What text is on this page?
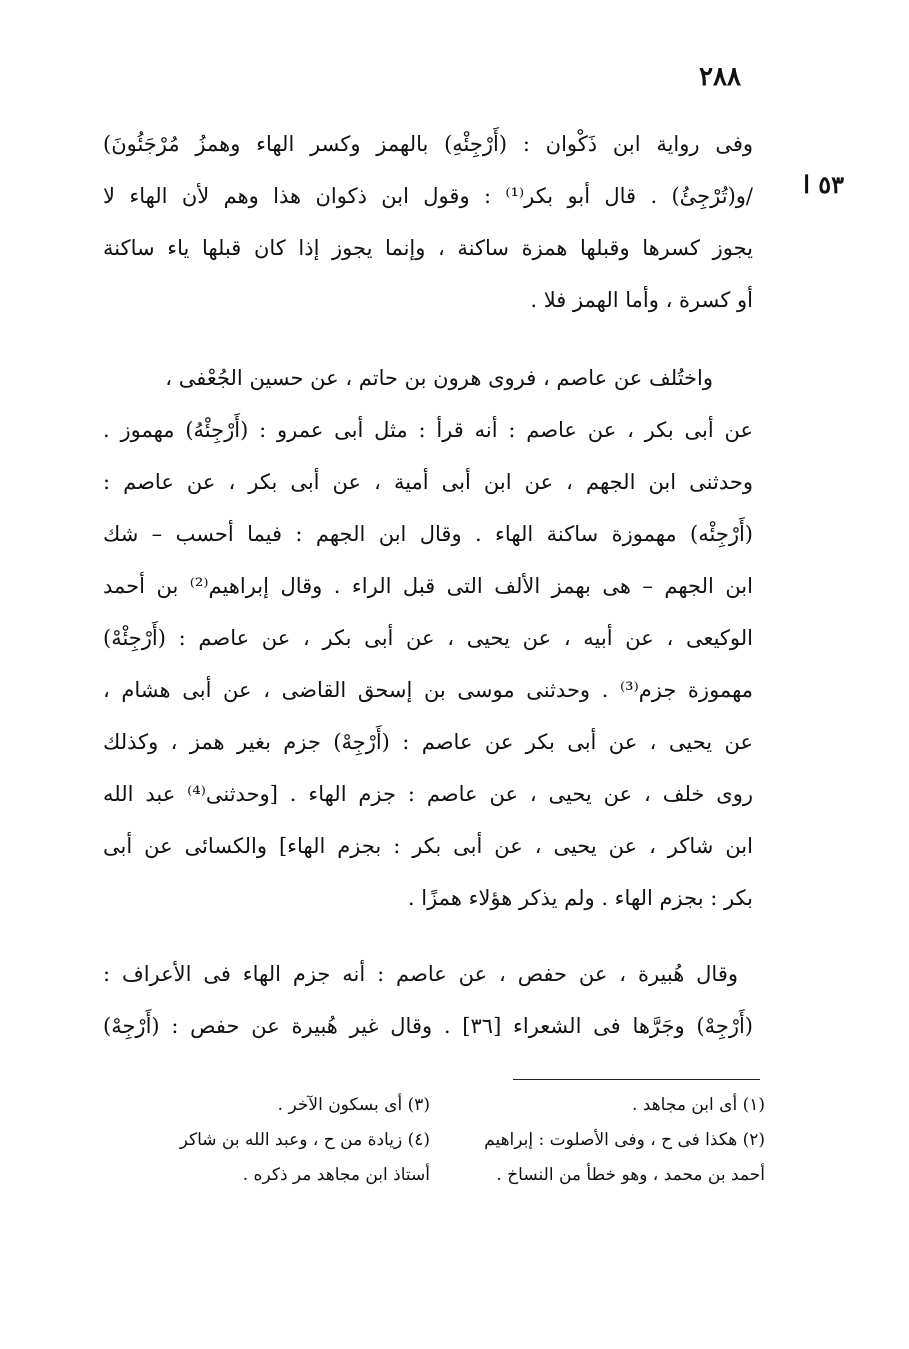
٢٨٨
٥٣ ا
وفى رواية ابن ذَكْوان : (أَرْجِئْهِ) بالهمز وكسر الهاء وهمزُ مُرْجَئُونَ)
/و(تُرْجِئُ) . قال أبو بكر⁽¹⁾ : وقول ابن ذكوان هذا وهم لأن الهاء لا
يجوز كسرها وقبلها همزة ساكنة ، وإنما يجوز إذا كان قبلها ياء ساكنة
أو كسرة ، وأما الهمز فلا .
واختُلف عن عاصم ، فروى هرون بن حاتم ، عن حسين الجُعْفى ،
عن أبى بكر ، عن عاصم : أنه قرأ : مثل أبى عمرو : (أَرْجِئْهُ) مهموز .
وحدثنى ابن الجهم ، عن ابن أبى أمية ، عن أبى بكر ، عن عاصم :
(أَرْجِئْه) مهموزة ساكنة الهاء . وقال ابن الجهم : فيما أحسب – شك
ابن الجهم – هى بهمز الألف التى قبل الراء . وقال إبراهيم⁽²⁾ بن أحمد
الوكيعى ، عن أبيه ، عن يحيى ، عن أبى بكر ، عن عاصم : (أَرْجِئْهْ)
مهموزة جزم⁽³⁾ . وحدثنى موسى بن إسحق القاضى ، عن أبى هشام ،
عن يحيى ، عن أبى بكر عن عاصم : (أَرْجِهْ) جزم بغير همز ، وكذلك
روى خلف ، عن يحيى ، عن عاصم : جزم الهاء . [وحدثنى⁽⁴⁾ عبد الله
ابن شاكر ، عن يحيى ، عن أبى بكر : بجزم الهاء] والكسائى عن أبى
بكر : بجزم الهاء . ولم يذكر هؤلاء همزًا .
وقال هُبيرة ، عن حفص ، عن عاصم : أنه جزم الهاء فى الأعراف :
(أَرْجِهْ) وجَرَّها فى الشعراء [٣٦] . وقال غير هُبيرة عن حفص : (أَرْجِهْ)
(١) أى ابن مجاهد .
(٢) هكذا فى ح ، وفى الأصلوت : إبراهيم
أحمد بن محمد ، وهو خطأ من النساخ .
(٣) أى بسكون الآخر .
(٤) زيادة من ح ، وعبد الله بن شاكر
أستاذ ابن مجاهد مر ذكره .
